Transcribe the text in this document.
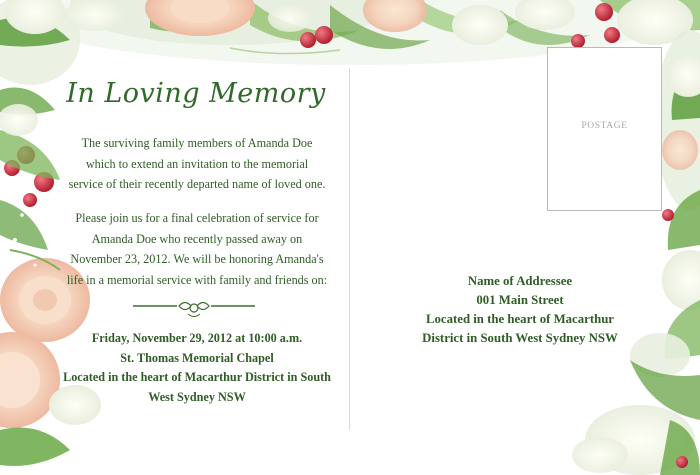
In Loving Memory
The surviving family members of Amanda Doe
which to extend an invitation to the memorial
service of their recently departed name of loved one.
Please join us for a final celebration of service for
Amanda Doe who recently passed away on
November 23, 2012. We will be honoring Amanda's
life in a memorial service with family and friends on:
Friday, November 29, 2012 at 10:00 a.m.
St. Thomas Memorial Chapel
Located in the heart of Macarthur District in South
West Sydney NSW
POSTAGE
Name of Addressee
001 Main Street
Located in the heart of Macarthur
District in South West Sydney NSW
